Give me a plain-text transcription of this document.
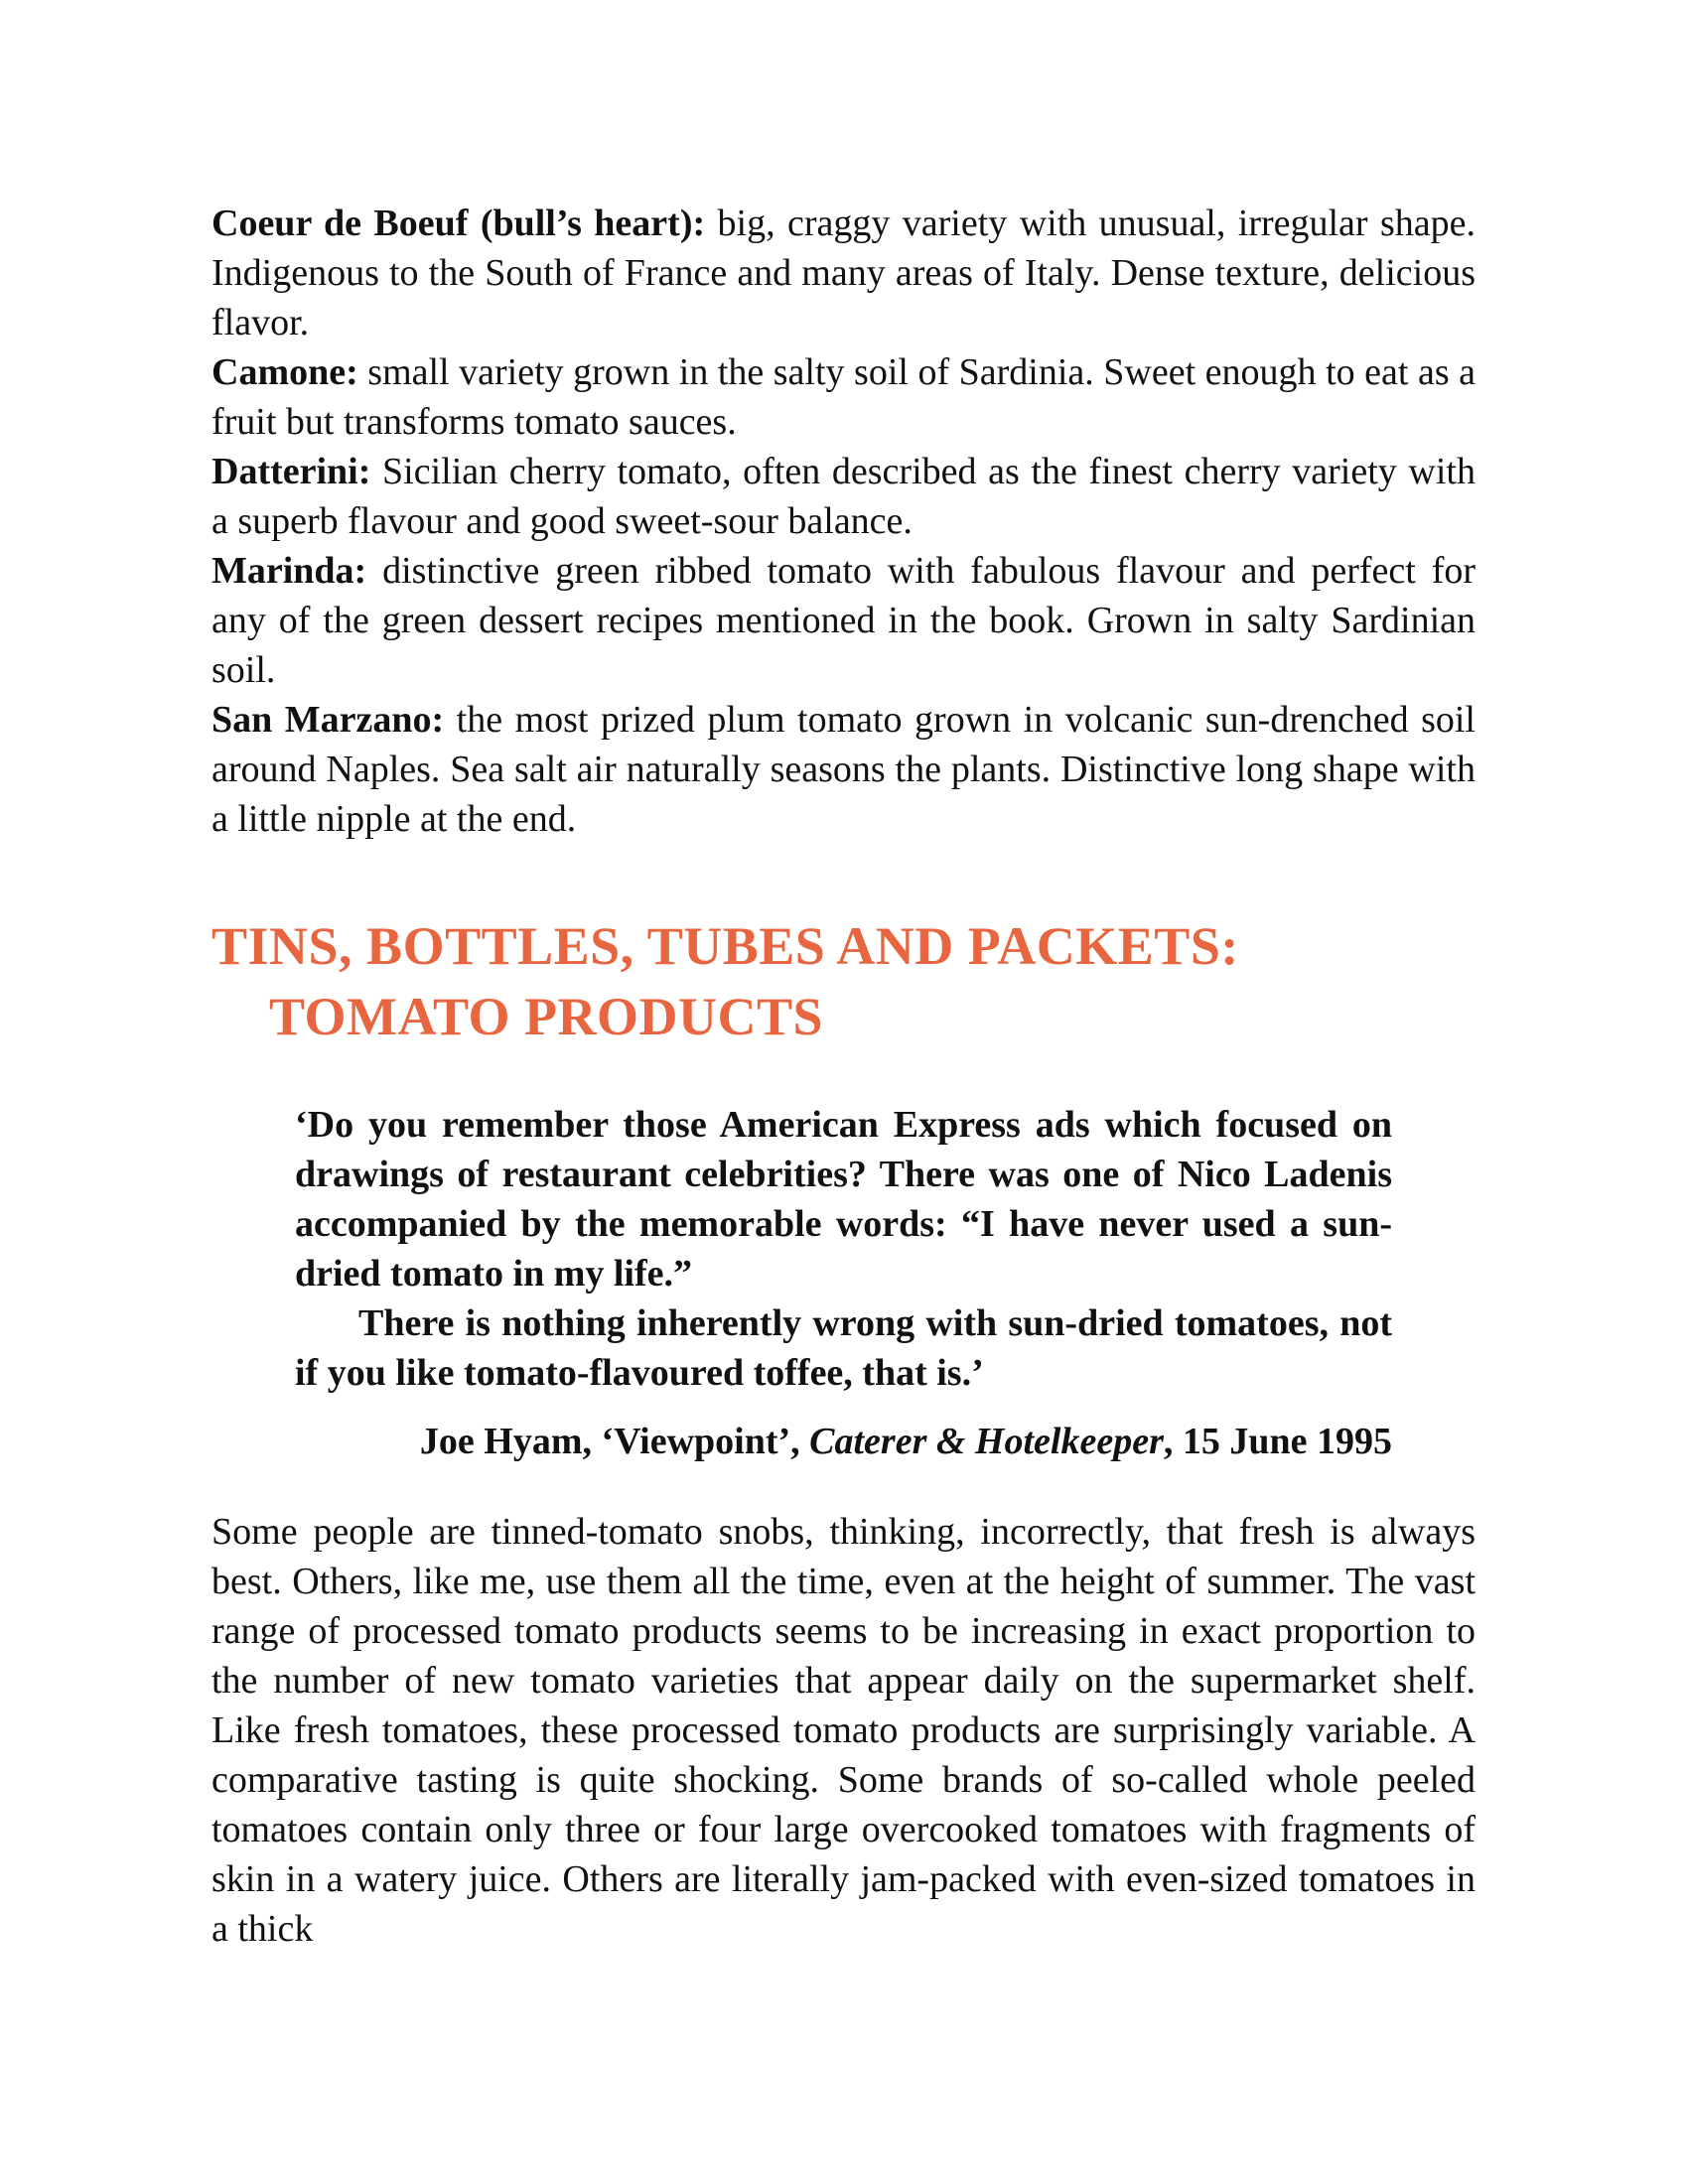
Coeur de Boeuf (bull’s heart): big, craggy variety with unusual, irregular shape. Indigenous to the South of France and many areas of Italy. Dense texture, delicious flavor.

Camone: small variety grown in the salty soil of Sardinia. Sweet enough to eat as a fruit but transforms tomato sauces.

Datterini: Sicilian cherry tomato, often described as the finest cherry variety with a superb flavour and good sweet-sour balance.

Marinda: distinctive green ribbed tomato with fabulous flavour and perfect for any of the green dessert recipes mentioned in the book. Grown in salty Sardinian soil.

San Marzano: the most prized plum tomato grown in volcanic sun-drenched soil around Naples. Sea salt air naturally seasons the plants. Distinctive long shape with a little nipple at the end.

TINS, BOTTLES, TUBES AND PACKETS:
TOMATO PRODUCTS

‘Do you remember those American Express ads which focused on drawings of restaurant celebrities? There was one of Nico Ladenis accompanied by the memorable words: “I have never used a sun-dried tomato in my life.”

There is nothing inherently wrong with sun-dried tomatoes, not if you like tomato-flavoured toffee, that is.’

Joe Hyam, ‘Viewpoint’, Caterer & Hotelkeeper, 15 June 1995

Some people are tinned-tomato snobs, thinking, incorrectly, that fresh is always best. Others, like me, use them all the time, even at the height of summer. The vast range of processed tomato products seems to be increasing in exact proportion to the number of new tomato varieties that appear daily on the supermarket shelf. Like fresh tomatoes, these processed tomato products are surprisingly variable. A comparative tasting is quite shocking. Some brands of so-called whole peeled tomatoes contain only three or four large overcooked tomatoes with fragments of skin in a watery juice. Others are literally jam-packed with even-sized tomatoes in a thick
